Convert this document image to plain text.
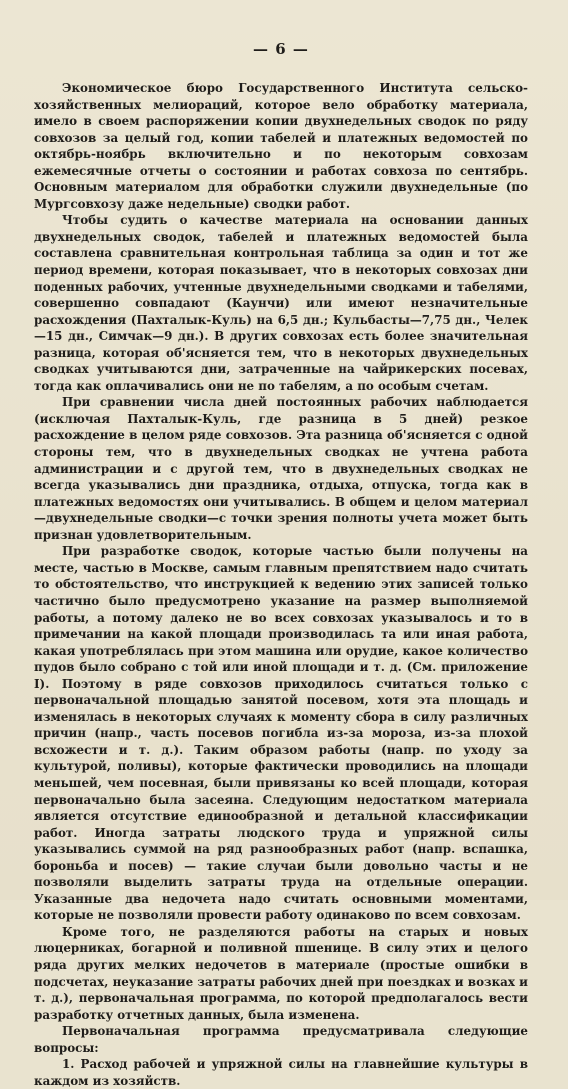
— 6 —

Экономическое бюро Государственного Института сельско-хозяйственных мелиораций, которое вело обработку материала, имело в своем распоряжении копии двухнедельных сводок по ряду совхозов за целый год, копии табелей и платежных ведомостей по октябрь-ноябрь включительно и по некоторым совхозам ежемесячные отчеты о состоянии и работах совхоза по сентябрь. Основным материалом для обработки служили двухнедельные (по Мургсовхозу даже недельные) сводки работ.

Чтобы судить о качестве материала на основании данных двухнедельных сводок, табелей и платежных ведомостей была составлена сравнительная контрольная таблица за один и тот же период времени, которая показывает, что в некоторых совхозах дни поденных рабочих, учтенные двухнедельными сводками и табелями, совершенно совпадают (Каунчи) или имеют незначительные расхождения (Пахталык-Куль) на 6,5 дн.; Кульбасты—7,75 дн., Челек—15 дн., Симчак—9 дн.). В других совхозах есть более значительная разница, которая об'ясняется тем, что в некоторых двухнедельных сводках учитываются дни, затраченные на чайрикерских посевах, тогда как оплачивались они не по табелям, а по особым счетам.

При сравнении числа дней постоянных рабочих наблюдается (исключая Пахталык-Куль, где разница в 5 дней) резкое расхождение в целом ряде совхозов. Эта разница об'ясняется с одной стороны тем, что в двухнедельных сводках не учтена работа администрации и с другой тем, что в двухнедельных сводках не всегда указывались дни праздника, отдыха, отпуска, тогда как в платежных ведомостях они учитывались. В общем и целом материал—двухнедельные сводки—с точки зрения полноты учета может быть признан удовлетворительным.

При разработке сводок, которые частью были получены на месте, частью в Москве, самым главным препятствием надо считать то обстоятельство, что инструкцией к ведению этих записей только частично было предусмотрено указание на размер выполняемой работы, а потому далеко не во всех совхозах указывалось и то в примечании на какой площади производилась та или иная работа, какая употреблялась при этом машина или орудие, какое количество пудов было собрано с той или иной площади и т. д. (См. приложение I). Поэтому в ряде совхозов приходилось считаться только с первоначальной площадью занятой посевом, хотя эта площадь и изменялась в некоторых случаях к моменту сбора в силу различных причин (напр., часть посевов погибла из-за мороза, из-за плохой всхожести и т. д.). Таким образом работы (напр. по уходу за культурой, поливы), которые фактически проводились на площади меньшей, чем посевная, были привязаны ко всей площади, которая первоначально была засеяна. Следующим недостатком материала является отсутствие единообразной и детальной классификации работ. Иногда затраты людского труда и упряжной силы указывались суммой на ряд разнообразных работ (напр. вспашка, бороньба и посев) — такие случаи были довольно часты и не позволяли выделить затраты труда на отдельные операции. Указанные два недочета надо считать основными моментами, которые не позволяли провести работу одинаково по всем совхозам.

Кроме того, не разделяются работы на старых и новых люцерниках, богарной и поливной пшенице. В силу этих и целого ряда других мелких недочетов в материале (простые ошибки в подсчетах, неуказание затраты рабочих дней при поездках и возках и т. д.), первоначальная программа, по которой предполагалось вести разработку отчетных данных, была изменена.

Первоначальная программа предусматривала следующие вопросы:

1. Расход рабочей и упряжной силы на главнейшие культуры в каждом из хозяйств.
